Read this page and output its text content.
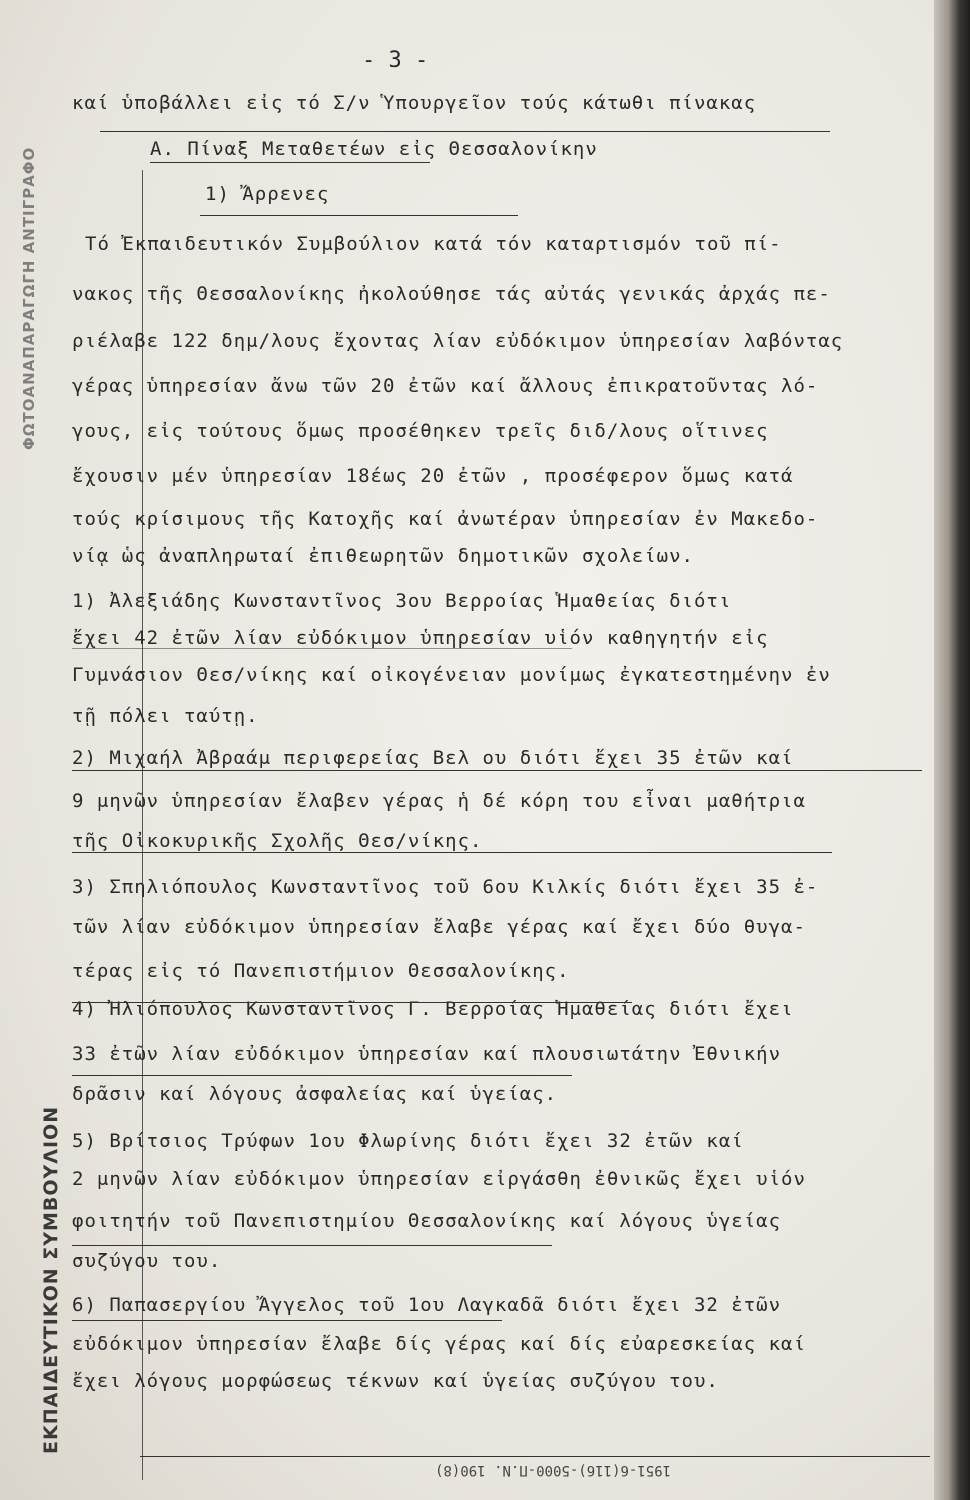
ΦΩΤΟΑΝΑΠΑΡΑΓΩΓΗ ΑΝΤΙΓΡΑΦΟ
ΕΚΠΑΙΔΕΥΤΙΚΟΝ ΣΥΜΒΟΥΛΙΟΝ
- 3 -
καί ὑποβάλλει εἰς τό Σ/ν Ὑπουργεῖον τούς κάτωθι πίνακας
Α. Πίναξ Μεταθετέων εἰς Θεσσαλονίκην
1) Ἄρρενες
Τό Ἐκπαιδευτικόν Συμβούλιον κατά τόν καταρτισμόν τοῦ πί-
νακος τῆς Θεσσαλονίκης ἠκολούθησε τάς αὐτάς γενικάς ἀρχάς πε-
ριέλαβε 122 δημ/λους ἔχοντας λίαν εὐδόκιμον ὑπηρεσίαν λαβόντας
γέρας ὑπηρεσίαν ἄνω τῶν 20 ἐτῶν καί ἄλλους ἐπικρατοῦντας λό-
γους, εἰς τούτους ὅμως προσέθηκεν τρεῖς διδ/λους οἵτινες
ἔχουσιν μέν ὑπηρεσίαν 18έως 20 ἐτῶν , προσέφερον ὅμως κατά
τούς κρίσιμους τῆς Κατοχῆς καί ἀνωτέραν ὑπηρεσίαν ἐν Μακεδο-
νίᾳ ὡς ἀναπληρωταί ἐπιθεωρητῶν δημοτικῶν σχολείων.
1) Ἀλεξιάδης Κωνσταντῖνος 3ου Βερροίας Ἡμαθείας διότι
ἔχει 42 ἐτῶν λίαν εὐδόκιμον ὑπηρεσίαν υἱόν καθηγητήν εἰς
Γυμνάσιον Θεσ/νίκης καί οἰκογένειαν μονίμως ἐγκατεστημένην ἐν
τῇ πόλει ταύτῃ.
2) Μιχαήλ Ἀβραάμ περιφερείας Βελ ου διότι ἔχει 35 ἐτῶν καί
9 μηνῶν ὑπηρεσίαν ἔλαβεν γέρας ἡ δέ κόρη του εἶναι μαθήτρια
τῆς Οἰκοκυρικῆς Σχολῆς Θεσ/νίκης.
3) Σπηλιόπουλος Κωνσταντῖνος τοῦ 6ου Κιλκίς διότι ἔχει 35 ἐ-
τῶν λίαν εὐδόκιμον ὑπηρεσίαν ἔλαβε γέρας καί ἔχει δύο θυγα-
τέρας εἰς τό Πανεπιστήμιον Θεσσαλονίκης.
4) Ἠλιόπουλος Κωνσταντῖνος Γ. Βερροίας Ἡμαθείας διότι ἔχει
33 ἐτῶν λίαν εὐδόκιμον ὑπηρεσίαν καί πλουσιωτάτην Ἐθνικήν
δρᾶσιν καί λόγους ἀσφαλείας καί ὑγείας.
5) Βρίτσιος Τρύφων 1ου Φλωρίνης διότι ἔχει 32 ἐτῶν καί
2 μηνῶν λίαν εὐδόκιμον ὑπηρεσίαν εἰργάσθη ἐθνικῶς ἔχει υἱόν
φοιτητήν τοῦ Πανεπιστημίου Θεσσαλονίκης καί λόγους ὑγείας
συζύγου του.
6) Παπασεργίου Ἄγγελος τοῦ 1ου Λαγκαδᾶ διότι ἔχει 32 ἐτῶν
εὐδόκιμον ὑπηρεσίαν ἔλαβε δίς γέρας καί δίς εὐαρεσκείας καί
ἔχει λόγους μορφώσεως τέκνων καί ὑγείας συζύγου του.
1951-6(116)-5000-Π.Ν. 190(8)
